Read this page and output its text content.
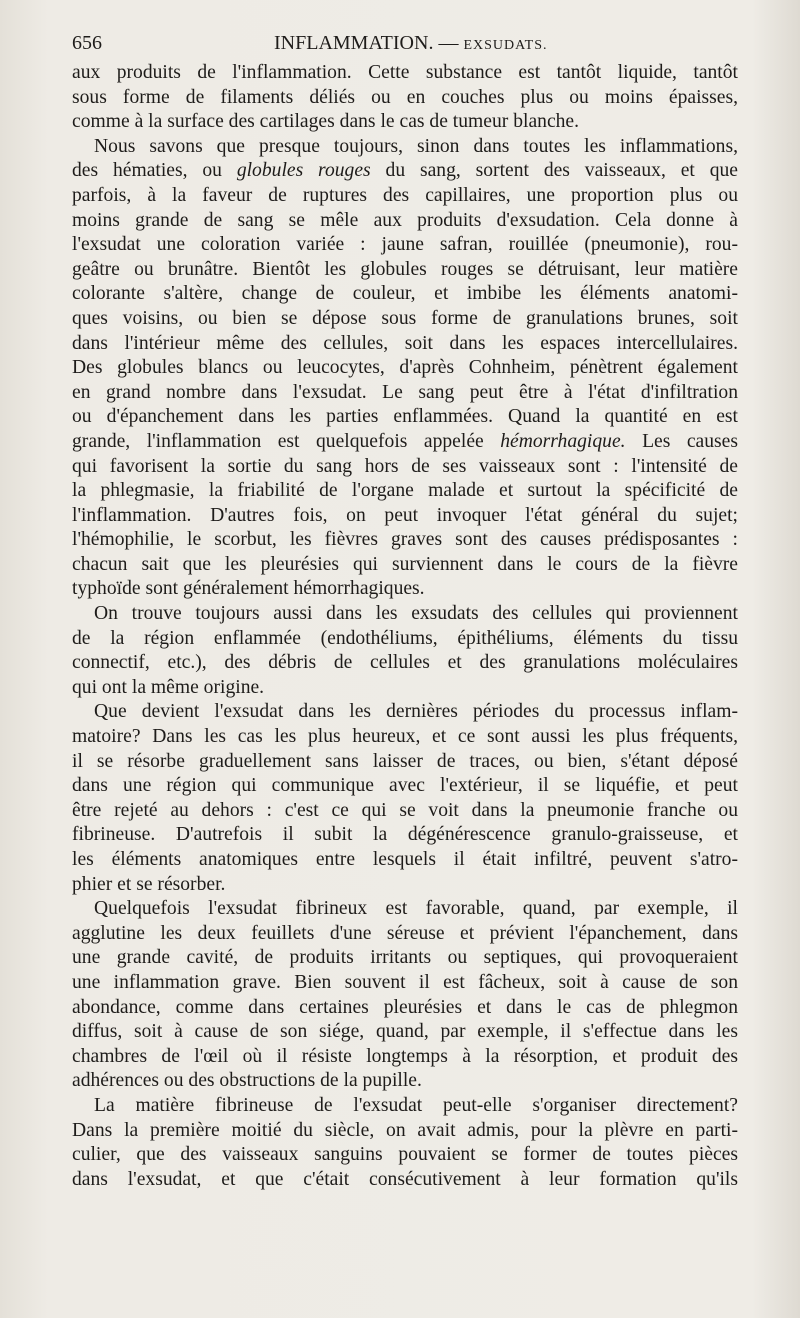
656	INFLAMMATION. — EXSUDATS.
aux produits de l'inflammation. Cette substance est tantôt liquide, tantôt
sous forme de filaments déliés ou en couches plus ou moins épaisses,
comme à la surface des cartilages dans le cas de tumeur blanche.
Nous savons que presque toujours, sinon dans toutes les inflammations,
des hématies, ou globules rouges du sang, sortent des vaisseaux, et que
parfois, à la faveur de ruptures des capillaires, une proportion plus ou
moins grande de sang se mêle aux produits d'exsudation. Cela donne à
l'exsudat une coloration variée : jaune safran, rouillée (pneumonie), rou-
geâtre ou brunâtre. Bientôt les globules rouges se détruisant, leur matière
colorante s'altère, change de couleur, et imbibe les éléments anatomi-
ques voisins, ou bien se dépose sous forme de granulations brunes, soit
dans l'intérieur même des cellules, soit dans les espaces intercellulaires.
Des globules blancs ou leucocytes, d'après Cohnheim, pénètrent également
en grand nombre dans l'exsudat. Le sang peut être à l'état d'infiltration
ou d'épanchement dans les parties enflammées. Quand la quantité en est
grande, l'inflammation est quelquefois appelée hémorrhagique. Les causes
qui favorisent la sortie du sang hors de ses vaisseaux sont : l'intensité de
la phlegmasie, la friabilité de l'organe malade et surtout la spécificité de
l'inflammation. D'autres fois, on peut invoquer l'état général du sujet;
l'hémophilie, le scorbut, les fièvres graves sont des causes prédisposantes :
chacun sait que les pleurésies qui surviennent dans le cours de la fièvre
typhoïde sont généralement hémorrhagiques.
On trouve toujours aussi dans les exsudats des cellules qui proviennent
de la région enflammée (endothéliums, épithéliums, éléments du tissu
connectif, etc.), des débris de cellules et des granulations moléculaires
qui ont la même origine.
Que devient l'exsudat dans les dernières périodes du processus inflam-
matoire? Dans les cas les plus heureux, et ce sont aussi les plus fréquents,
il se résorbe graduellement sans laisser de traces, ou bien, s'étant déposé
dans une région qui communique avec l'extérieur, il se liquéfie, et peut
être rejeté au dehors : c'est ce qui se voit dans la pneumonie franche ou
fibrineuse. D'autrefois il subit la dégénérescence granulo-graisseuse, et
les éléments anatomiques entre lesquels il était infiltré, peuvent s'atro-
phier et se résorber.
Quelquefois l'exsudat fibrineux est favorable, quand, par exemple, il
agglutine les deux feuillets d'une séreuse et prévient l'épanchement, dans
une grande cavité, de produits irritants ou septiques, qui provoqueraient
une inflammation grave. Bien souvent il est fâcheux, soit à cause de son
abondance, comme dans certaines pleurésies et dans le cas de phlegmon
diffus, soit à cause de son siége, quand, par exemple, il s'effectue dans les
chambres de l'œil où il résiste longtemps à la résorption, et produit des
adhérences ou des obstructions de la pupille.
La matière fibrineuse de l'exsudat peut-elle s'organiser directement?
Dans la première moitié du siècle, on avait admis, pour la plèvre en parti-
culier, que des vaisseaux sanguins pouvaient se former de toutes pièces
dans l'exsudat, et que c'était consécutivement à leur formation qu'ils
